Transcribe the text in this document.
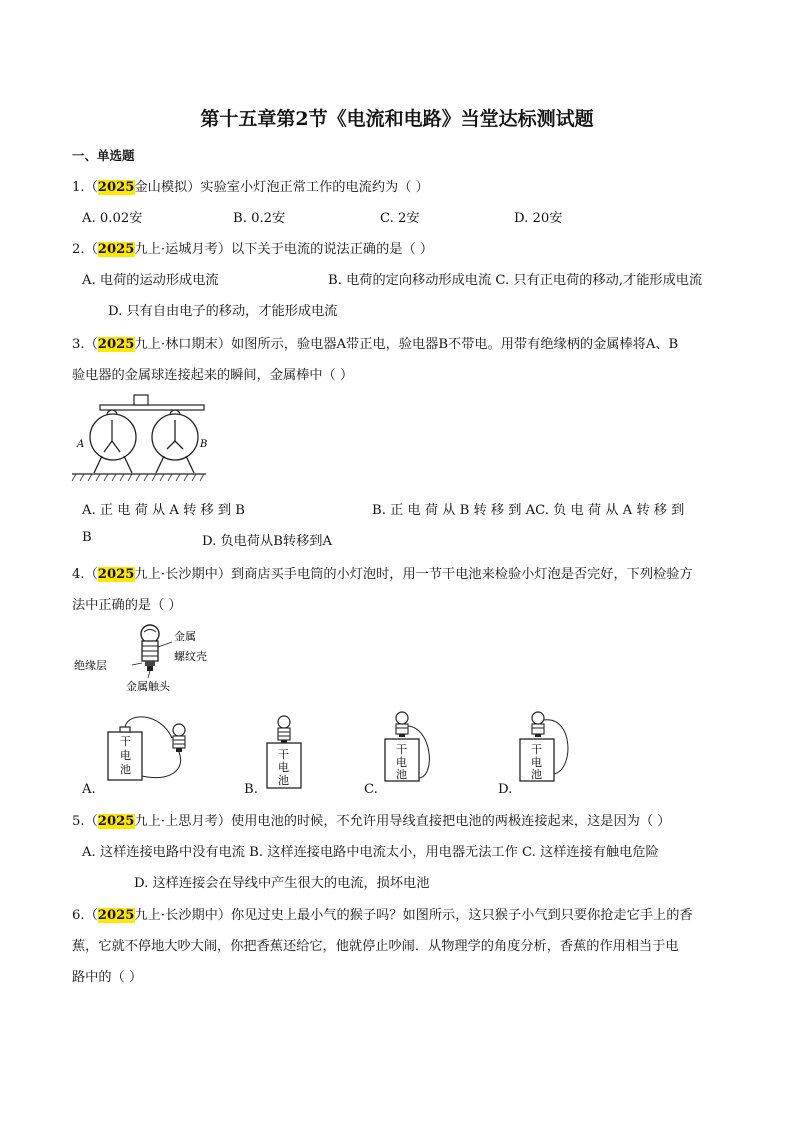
第十五章第2节《电流和电路》当堂达标测试题
一、单选题
1.（2025金山模拟）实验室小灯泡正常工作的电流约为（ ）
A. 0.02安	B. 0.2安	C. 2安	D. 20安
2.（2025九上·运城月考）以下关于电流的说法正确的是（ ）
A. 电荷的运动形成电流	B. 电荷的定向移动形成电流 C. 只有正电荷的移动,才能形成电流
D. 只有自由电子的移动，才能形成电流
3.（2025九上·林口期末）如图所示，验电器A带正电，验电器B不带电。用带有绝缘柄的金属棒将A、B
验电器的金属球连接起来的瞬间，金属棒中（ ）
A	B
A. 正 电 荷 从 A 转 移 到 B	B. 正 电 荷 从 B 转 移 到 AC. 负 电 荷 从 A 转 移 到
B	D. 负电荷从B转移到A
4.（2025九上·长沙期中）到商店买手电筒的小灯泡时，用一节干电池来检验小灯泡是否完好，下列检验方
法中正确的是（ ）
金属
螺纹壳
绝缘层
金属触头
干
电
池
A.
干
电
池
B.
干
电
池
C.
干
电
池
D.
5.（2025九上·上思月考）使用电池的时候，不允许用导线直接把电池的两极连接起来，这是因为（ ）
A. 这样连接电路中没有电流 B. 这样连接电路中电流太小，用电器无法工作 C. 这样连接有触电危险
D. 这样连接会在导线中产生很大的电流，损坏电池
6.（2025九上·长沙期中）你见过史上最小气的猴子吗？如图所示，这只猴子小气到只要你抢走它手上的香
蕉，它就不停地大吵大闹，你把香蕉还给它，他就停止吵闹．从物理学的角度分析，香蕉的作用相当于电
路中的（ ）
